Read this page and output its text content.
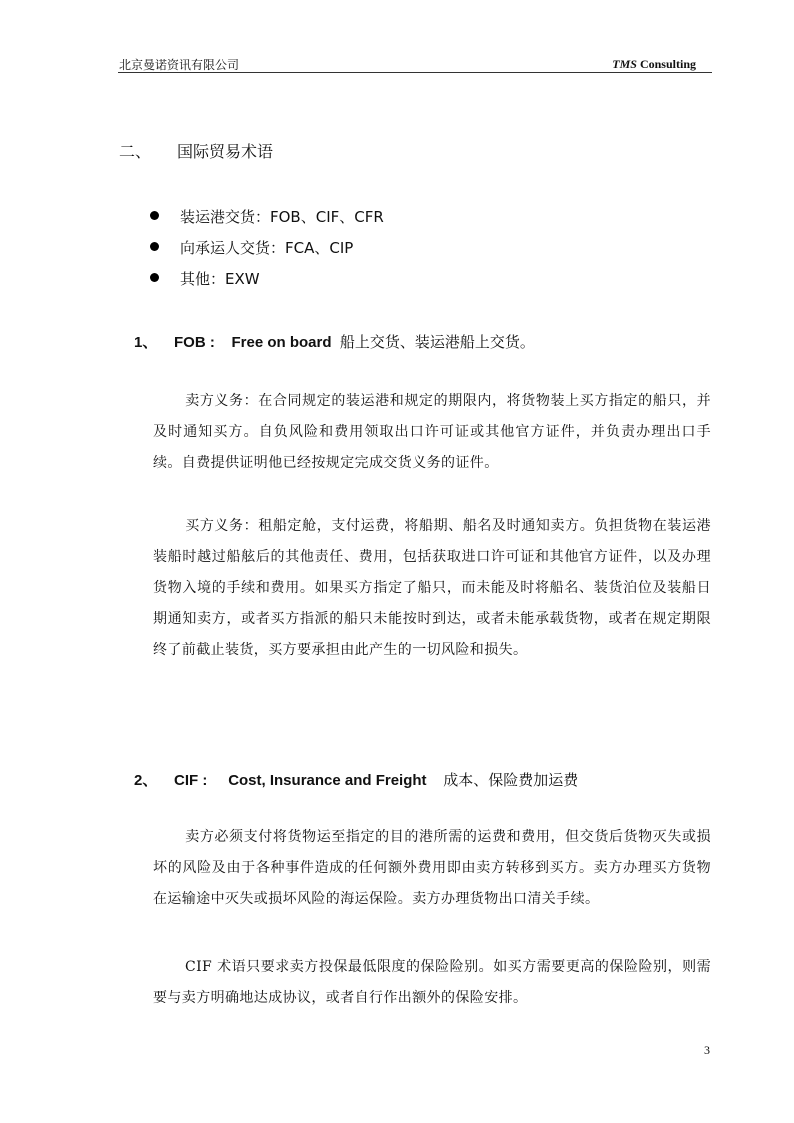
北京曼诺资讯有限公司	TMS Consulting
二、 国际贸易术语
装运港交货：FOB、CIF、CFR
向承运人交货：FCA、CIP
其他：EXW
1、 FOB : Free on board 船上交货、装运港船上交货。
卖方义务：在合同规定的装运港和规定的期限内，将货物装上买方指定的船只，并及时通知买方。自负风险和费用领取出口许可证或其他官方证件，并负责办理出口手续。自费提供证明他已经按规定完成交货义务的证件。
买方义务：租船定舱，支付运费，将船期、船名及时通知卖方。负担货物在装运港装船时越过船舷后的其他责任、费用，包括获取进口许可证和其他官方证件，以及办理货物入境的手续和费用。如果买方指定了船只，而未能及时将船名、装货泊位及装船日期通知卖方，或者买方指派的船只未能按时到达，或者未能承载货物，或者在规定期限终了前截止装货，买方要承担由此产生的一切风险和损失。
2、 CIF : Cost, Insurance and Freight 成本、保险费加运费
卖方必须支付将货物运至指定的目的港所需的运费和费用，但交货后货物灭失或损坏的风险及由于各种事件造成的任何额外费用即由卖方转移到买方。卖方办理买方货物在运输途中灭失或损坏风险的海运保险。卖方办理货物出口清关手续。
CIF 术语只要求卖方投保最低限度的保险险别。如买方需要更高的保险险别，则需要与卖方明确地达成协议，或者自行作出额外的保险安排。
3
